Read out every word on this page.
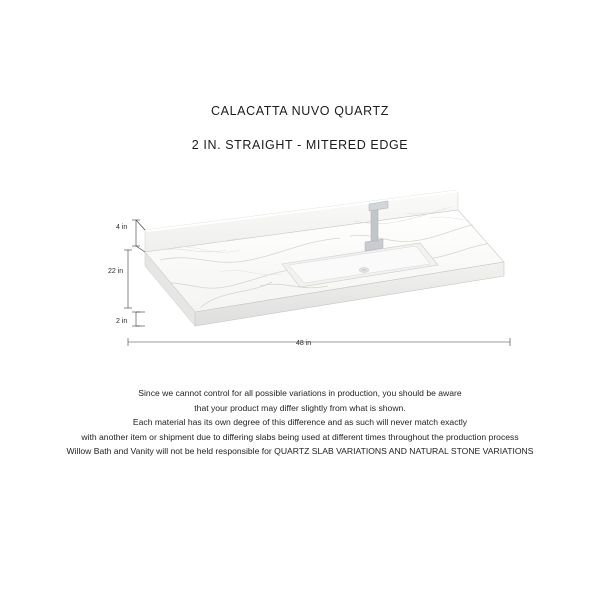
CALACATTA NUVO QUARTZ
2 IN. STRAIGHT - MITERED EDGE
4 in
22 in
2 in
48 in
Since we cannot control for all possible variations in production, you should be aware
that your product may differ slightly from what is shown.
Each material has its own degree of this difference and as such will never match exactly
with another item or shipment due to differing slabs being used at different times throughout the production process
Willow Bath and Vanity will not be held responsible for QUARTZ SLAB VARIATIONS AND NATURAL STONE VARIATIONS
